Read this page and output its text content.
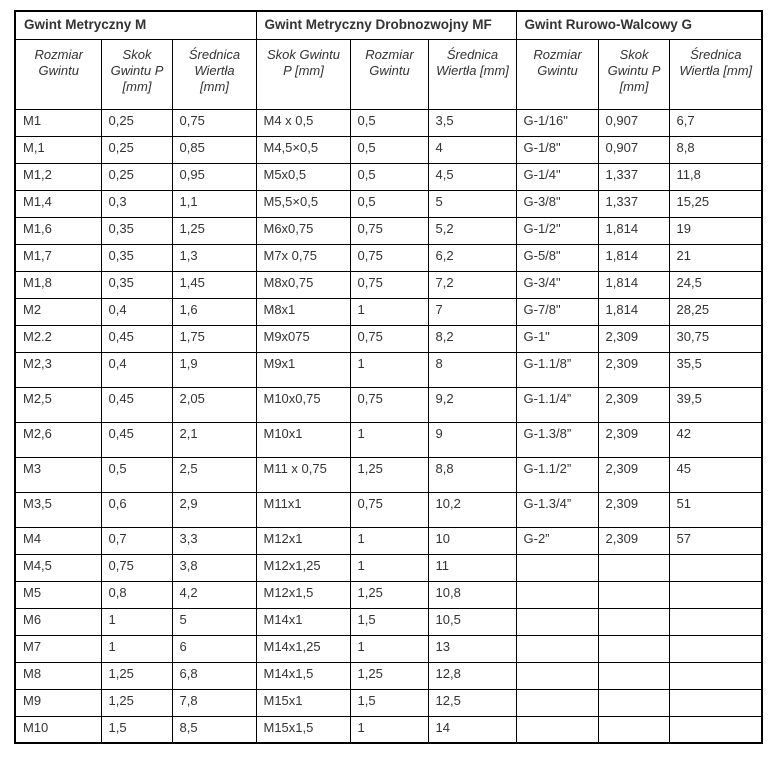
Gwint Metryczny M			Gwint Metryczny Drobnozwojny MF			Gwint Rurowo-Walcowy G		
Rozmiar Gwintu	Skok Gwintu P [mm]	Średnica Wiertła [mm]	Skok Gwintu P [mm]	Rozmiar Gwintu	Średnica Wiertła [mm]	Rozmiar Gwintu	Skok Gwintu P [mm]	Średnica Wiertła [mm]
M1	0,25	0,75	M4 x 0,5	0,5	3,5	G-1/16"	0,907	6,7
M,1	0,25	0,85	M4,5×0,5	0,5	4	G-1/8"	0,907	8,8
M1,2	0,25	0,95	M5x0,5	0,5	4,5	G-1/4"	1,337	11,8
M1,4	0,3	1,1	M5,5×0,5	0,5	5	G-3/8"	1,337	15,25
M1,6	0,35	1,25	M6x0,75	0,75	5,2	G-1/2"	1,814	19
M1,7	0,35	1,3	M7x 0,75	0,75	6,2	G-5/8"	1,814	21
M1,8	0,35	1,45	M8x0,75	0,75	7,2	G-3/4"	1,814	24,5
M2	0,4	1,6	M8x1	1	7	G-7/8"	1,814	28,25
M2.2	0,45	1,75	M9x075	0,75	8,2	G-1"	2,309	30,75
M2,3	0,4	1,9	M9x1	1	8	G-1.1/8”	2,309	35,5
M2,5	0,45	2,05	M10x0,75	0,75	9,2	G-1.1/4”	2,309	39,5
M2,6	0,45	2,1	M10x1	1	9	G-1.3/8”	2,309	42
M3	0,5	2,5	M11 x 0,75	1,25	8,8	G-1.1/2”	2,309	45
M3,5	0,6	2,9	M11x1	0,75	10,2	G-1.3/4”	2,309	51
M4	0,7	3,3	M12x1	1	10	G-2”	2,309	57
M4,5	0,75	3,8	M12x1,25	1	11			
M5	0,8	4,2	M12x1,5	1,25	10,8			
M6	1	5	M14x1	1,5	10,5			
M7	1	6	M14x1,25	1	13			
M8	1,25	6,8	M14x1,5	1,25	12,8			
M9	1,25	7,8	M15x1	1,5	12,5			
M10	1,5	8,5	M15x1,5	1	14			
